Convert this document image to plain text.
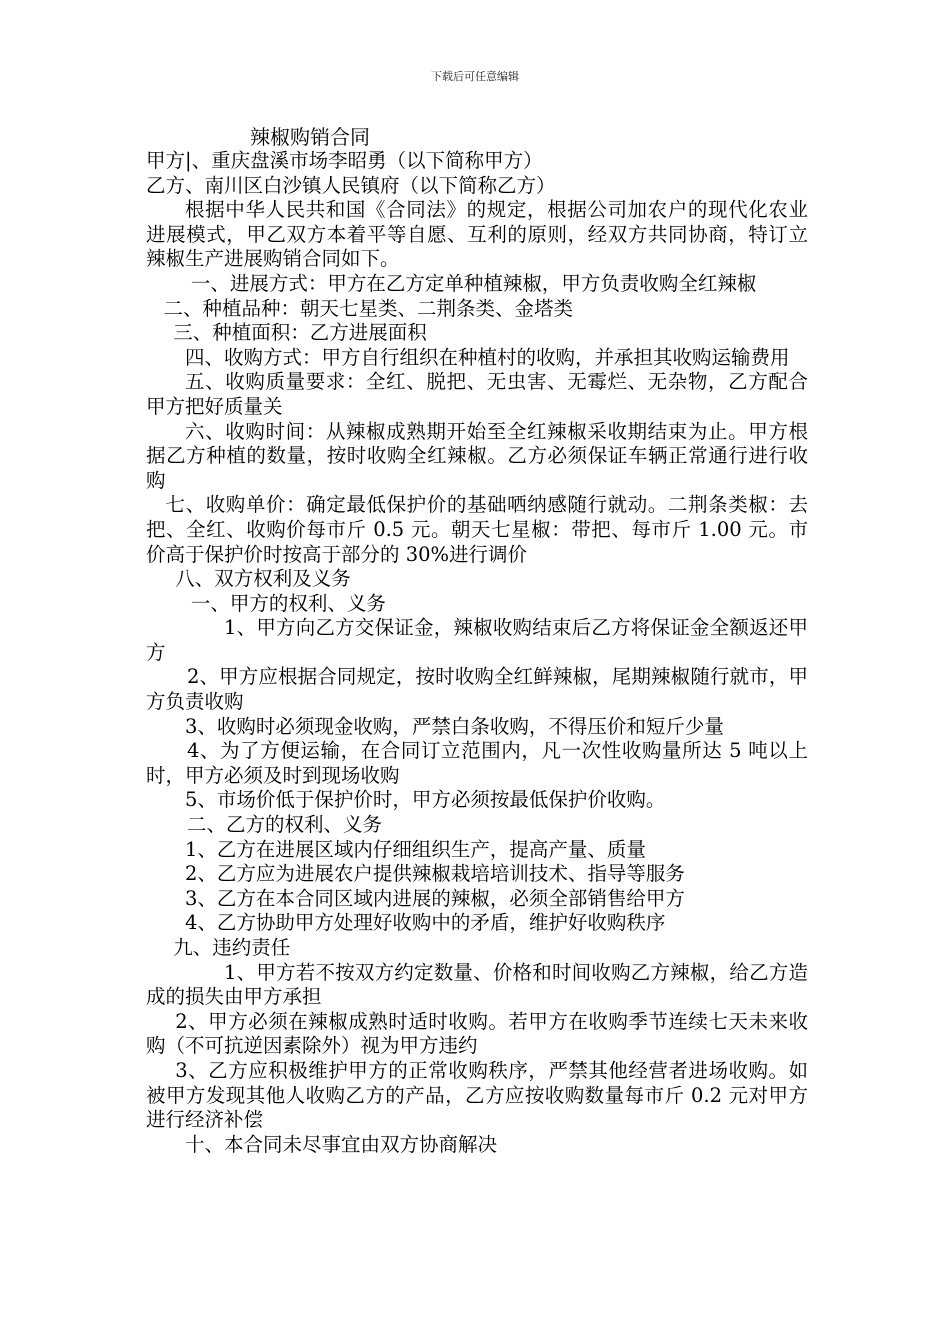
下载后可任意编辑
辣椒购销合同

甲方|、重庆盘溪市场李昭勇（以下简称甲方）

乙方、南川区白沙镇人民镇府（以下简称乙方）

根据中华人民共和国《合同法》的规定，根据公司加农户的现代化农业进展模式，甲乙双方本着平等自愿、互利的原则，经双方共同协商，特订立辣椒生产进展购销合同如下。

一、进展方式：甲方在乙方定单种植辣椒，甲方负责收购全红辣椒

二、种植品种：朝天七星类、二荆条类、金塔类

三、种植面积：乙方进展面积

四、收购方式：甲方自行组织在种植村的收购，并承担其收购运输费用

五、收购质量要求：全红、脱把、无虫害、无霉烂、无杂物，乙方配合甲方把好质量关

六、收购时间：从辣椒成熟期开始至全红辣椒采收期结束为止。甲方根据乙方种植的数量，按时收购全红辣椒。乙方必须保证车辆正常通行进行收购

七、收购单价：确定最低保护价的基础哂纳感随行就动。二荆条类椒：去把、全红、收购价每市斤 0.5 元。朝天七星椒：带把、每市斤 1.00 元。市价高于保护价时按高于部分的 30%进行调价

八、双方权利及义务

一、甲方的权利、义务

1、甲方向乙方交保证金，辣椒收购结束后乙方将保证金全额返还甲方

2、甲方应根据合同规定，按时收购全红鲜辣椒，尾期辣椒随行就市，甲方负责收购

3、收购时必须现金收购，严禁白条收购，不得压价和短斤少量

4、为了方便运输，在合同订立范围内，凡一次性收购量所达 5 吨以上时，甲方必须及时到现场收购

5、市场价低于保护价时，甲方必须按最低保护价收购。

二、乙方的权利、义务

1、乙方在进展区域内仔细组织生产，提高产量、质量

2、乙方应为进展农户提供辣椒栽培培训技术、指导等服务

3、乙方在本合同区域内进展的辣椒，必须全部销售给甲方

4、乙方协助甲方处理好收购中的矛盾，维护好收购秩序

九、违约责任

1、甲方若不按双方约定数量、价格和时间收购乙方辣椒，给乙方造成的损失由甲方承担

2、甲方必须在辣椒成熟时适时收购。若甲方在收购季节连续七天未来收购（不可抗逆因素除外）视为甲方违约

3、乙方应积极维护甲方的正常收购秩序，严禁其他经营者进场收购。如被甲方发现其他人收购乙方的产品，乙方应按收购数量每市斤 0.2 元对甲方进行经济补偿

十、本合同未尽事宜由双方协商解决
